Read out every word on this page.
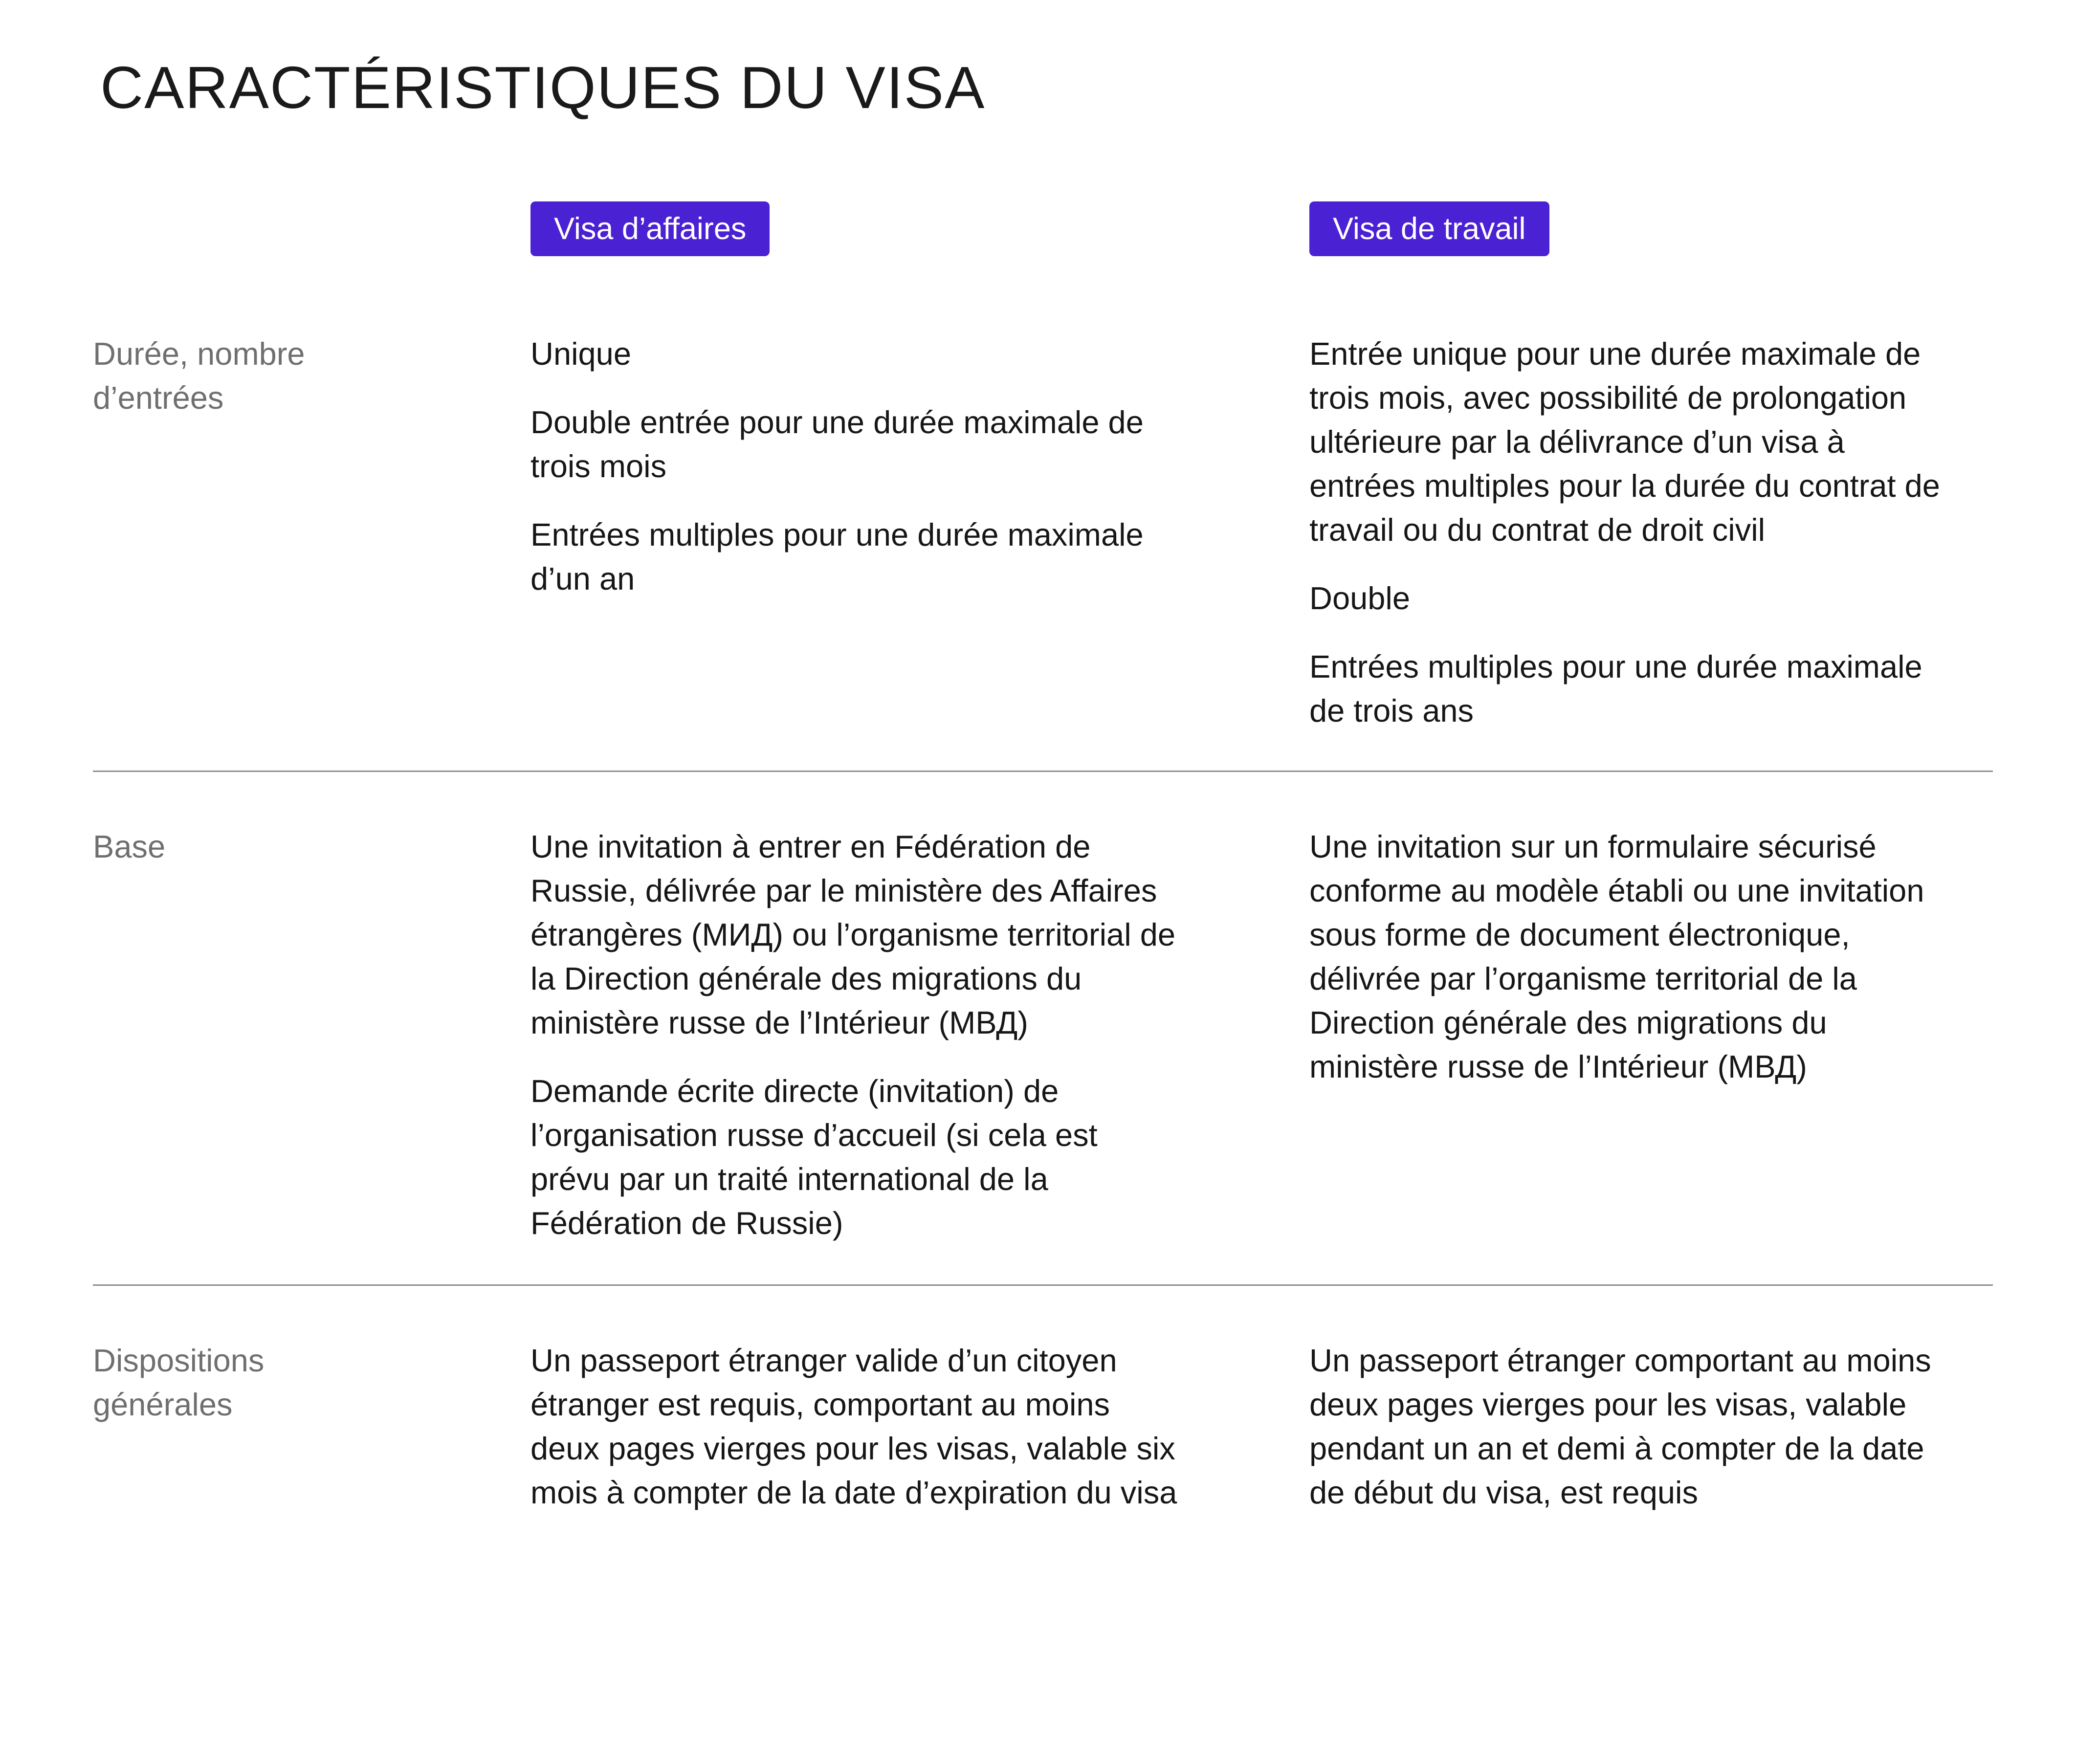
CARACTÉRISTIQUES DU VISA
Visa d’affaires	Visa de travail
Durée, nombre d’entrées

Unique

Double entrée pour une durée maximale de trois mois

Entrées multiples pour une durée maximale d’un an

Entrée unique pour une durée maximale de trois mois, avec possibilité de prolongation ultérieure par la délivrance d’un visa à entrées multiples pour la durée du contrat de travail ou du contrat de droit civil

Double

Entrées multiples pour une durée maximale de trois ans

Base	Une invitation à entrer en Fédération de Russie, délivrée par le ministère des Affaires étrangères (МИД) ou l’organisme territorial de la Direction générale des migrations du ministère russe de l’Intérieur (МВД)

Demande écrite directe (invitation) de l’organisation russe d’accueil (si cela est prévu par un traité international de la Fédération de Russie)

Une invitation sur un formulaire sécurisé conforme au modèle établi ou une invitation sous forme de document électronique, délivrée par l’organisme territorial de la Direction générale des migrations du ministère russe de l’Intérieur (МВД)

Dispositions générales

Un passeport étranger valide d’un citoyen étranger est requis, comportant au moins deux pages vierges pour les visas, valable six mois à compter de la date d’expiration du visa

Un passeport étranger comportant au moins deux pages vierges pour les visas, valable pendant un an et demi à compter de la date de début du visa, est requis
